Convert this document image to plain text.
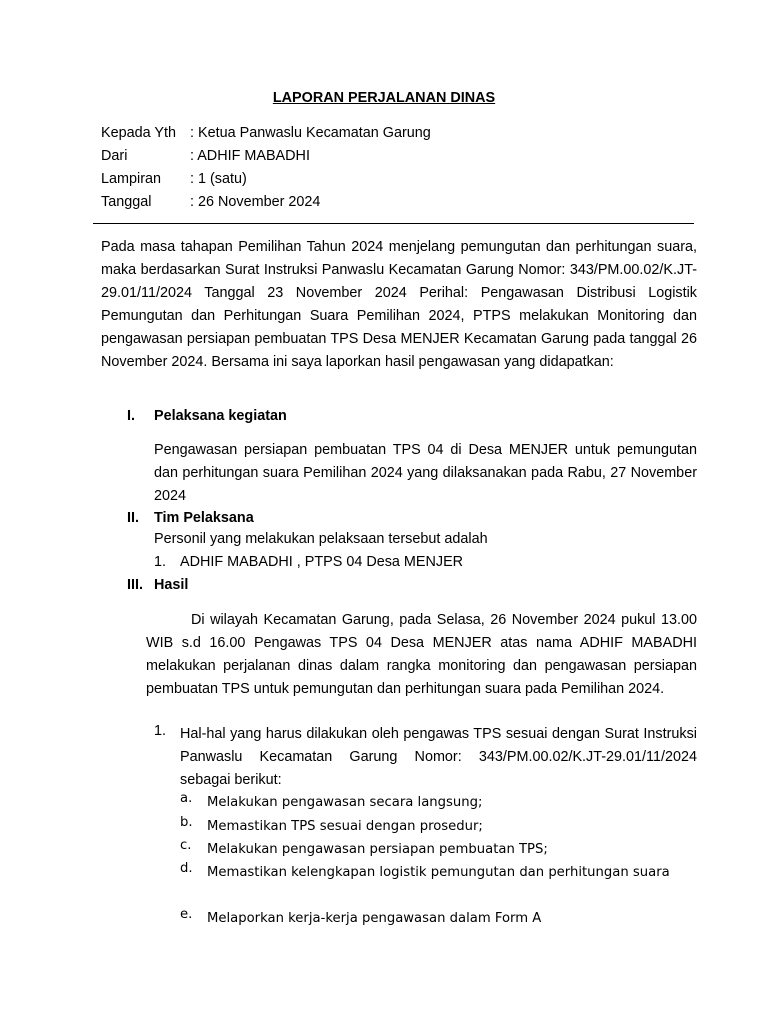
LAPORAN PERJALANAN DINAS
Kepada Yth : Ketua Panwaslu Kecamatan Garung
Dari	: ADHIF MABADHI
Lampiran : 1 (satu)
Tanggal	: 26 November 2024
Pada masa tahapan Pemilihan Tahun 2024 menjelang pemungutan dan perhitungan suara, maka berdasarkan Surat Instruksi Panwaslu Kecamatan Garung Nomor: 343/PM.00.02/K.JT-29.01/11/2024 Tanggal 23 November 2024 Perihal: Pengawasan Distribusi Logistik Pemungutan dan Perhitungan Suara Pemilihan 2024, PTPS melakukan Monitoring dan pengawasan persiapan pembuatan TPS Desa MENJER Kecamatan Garung pada tanggal 26 November 2024. Bersama ini saya laporkan hasil pengawasan yang didapatkan:
I. Pelaksana kegiatan
Pengawasan persiapan pembuatan TPS 04 di Desa MENJER untuk pemungutan dan perhitungan suara Pemilihan 2024 yang dilaksanakan pada Rabu, 27 November 2024
II. Tim Pelaksana
Personil yang melakukan pelaksaan tersebut adalah
1. ADHIF MABADHI , PTPS 04 Desa MENJER
III. Hasil
Di wilayah Kecamatan Garung, pada Selasa, 26 November 2024 pukul 13.00 WIB s.d 16.00 Pengawas TPS 04 Desa MENJER atas nama ADHIF MABADHI melakukan perjalanan dinas dalam rangka monitoring dan pengawasan persiapan pembuatan TPS untuk pemungutan dan perhitungan suara pada Pemilihan 2024.
1. Hal-hal yang harus dilakukan oleh pengawas TPS sesuai dengan Surat Instruksi Panwaslu Kecamatan Garung Nomor: 343/PM.00.02/K.JT-29.01/11/2024 sebagai berikut:
a. Melakukan pengawasan secara langsung;
b. Memastikan TPS sesuai dengan prosedur;
c. Melakukan pengawasan persiapan pembuatan TPS;
d. Memastikan kelengkapan logistik pemungutan dan perhitungan suara
e. Melaporkan kerja-kerja pengawasan dalam Form A
